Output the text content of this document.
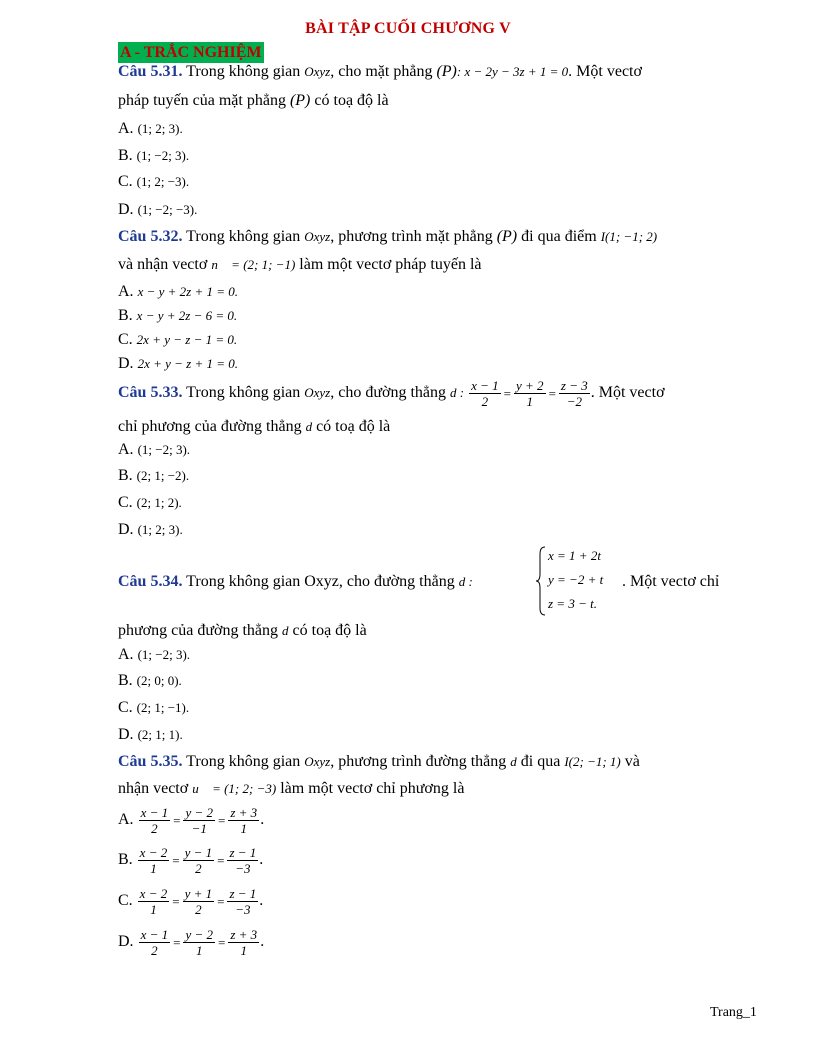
BÀI TẬP CUỐI CHƯƠNG V
A - TRẮC NGHIỆM
Câu 5.31. Trong không gian Oxyz, cho mặt phẳng (P): x − 2y − 3z + 1 = 0. Một vectơ
pháp tuyến của mặt phẳng (P) có toạ độ là
A. (1; 2; 3).
B. (1; −2; 3).
C. (1; 2; −3).
D. (1; −2; −3).
Câu 5.32. Trong không gian Oxyz, phương trình mặt phẳng (P) đi qua điểm I(1; −1; 2)
và nhận vectơ n⃗ = (2; 1; −1) làm một vectơ pháp tuyến là
A. x − y + 2z + 1 = 0.
B. x − y + 2z − 6 = 0.
C. 2x + y − z − 1 = 0.
D. 2x + y − z + 1 = 0.
Câu 5.33. Trong không gian Oxyz, cho đường thẳng d : $\frac{x - 1}{2} = \frac{y + 2}{1} = \frac{z - 3}{-2}$ . Một vectơ
chỉ phương của đường thẳng d có toạ độ là
A. (1; −2; 3).
B. (2; 1; −2).
C. (2; 1; 2).
D. (1; 2; 3).
Câu 5.34. Trong không gian Oxyz, cho đường thẳng d :
x = 1 + 2t
y = −2 + t
z = 3 − t.
. Một vectơ chỉ
phương của đường thẳng d có toạ độ là
A. (1; −2; 3).
B. (2; 0; 0).
C. (2; 1; −1).
D. (2; 1; 1).
Câu 5.35. Trong không gian Oxyz, phương trình đường thẳng d đi qua I(2; −1; 1) và
nhận vectơ u⃗ = (1; 2; −3) làm một vectơ chỉ phương là
A. $\frac{x - 1}{2} = \frac{y - 2}{-1} = \frac{z + 3}{1}$ .
B. $\frac{x - 2}{1} = \frac{y - 1}{2} = \frac{z - 1}{-3}$ .
C. $\frac{x - 2}{1} = \frac{y + 1}{2} = \frac{z - 1}{-3}$ .
D. $\frac{x - 1}{2} = \frac{y - 2}{1} = \frac{z + 3}{1}$ .
Trang_1
